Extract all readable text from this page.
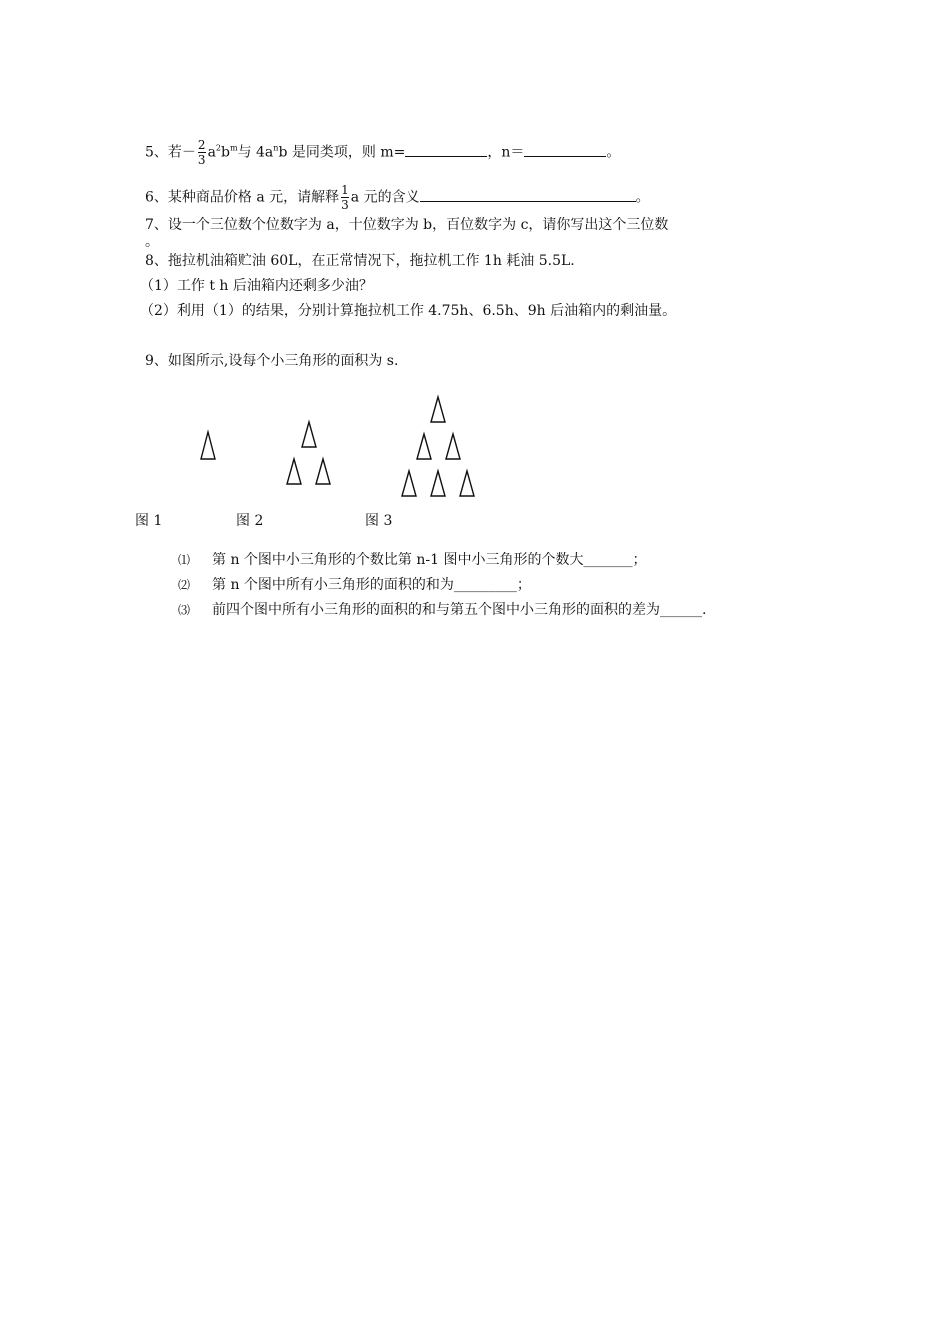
5、若－ $\frac{2}{3} a^2b^m$与 $4a^nb$ 是同类项，则 m=	，n＝	。
6、某种商品价格 a 元，请解释 $\frac{1}{3}$ a 元的含义	。
7、设一个三位数个位数字为 a，十位数字为 b，百位数字为 c，请你写出这个三位数
。
8、拖拉机油箱贮油 60L，在正常情况下，拖拉机工作 1h 耗油 5.5L.
（1）工作 t h 后油箱内还剩多少油？
（2）利用（1）的结果，分别计算拖拉机工作 4.75h、6.5h、9h 后油箱内的剩油量。
9、如图所示,设每个小三角形的面积为 s.
图 1	图 2	图 3
⑴ 第 n 个图中小三角形的个数比第 n-1 图中小三角形的个数大_______；
⑵ 第 n 个图中所有小三角形的面积的和为_________；
⑶ 前四个图中所有小三角形的面积的和与第五个图中小三角形的面积的差为______.
